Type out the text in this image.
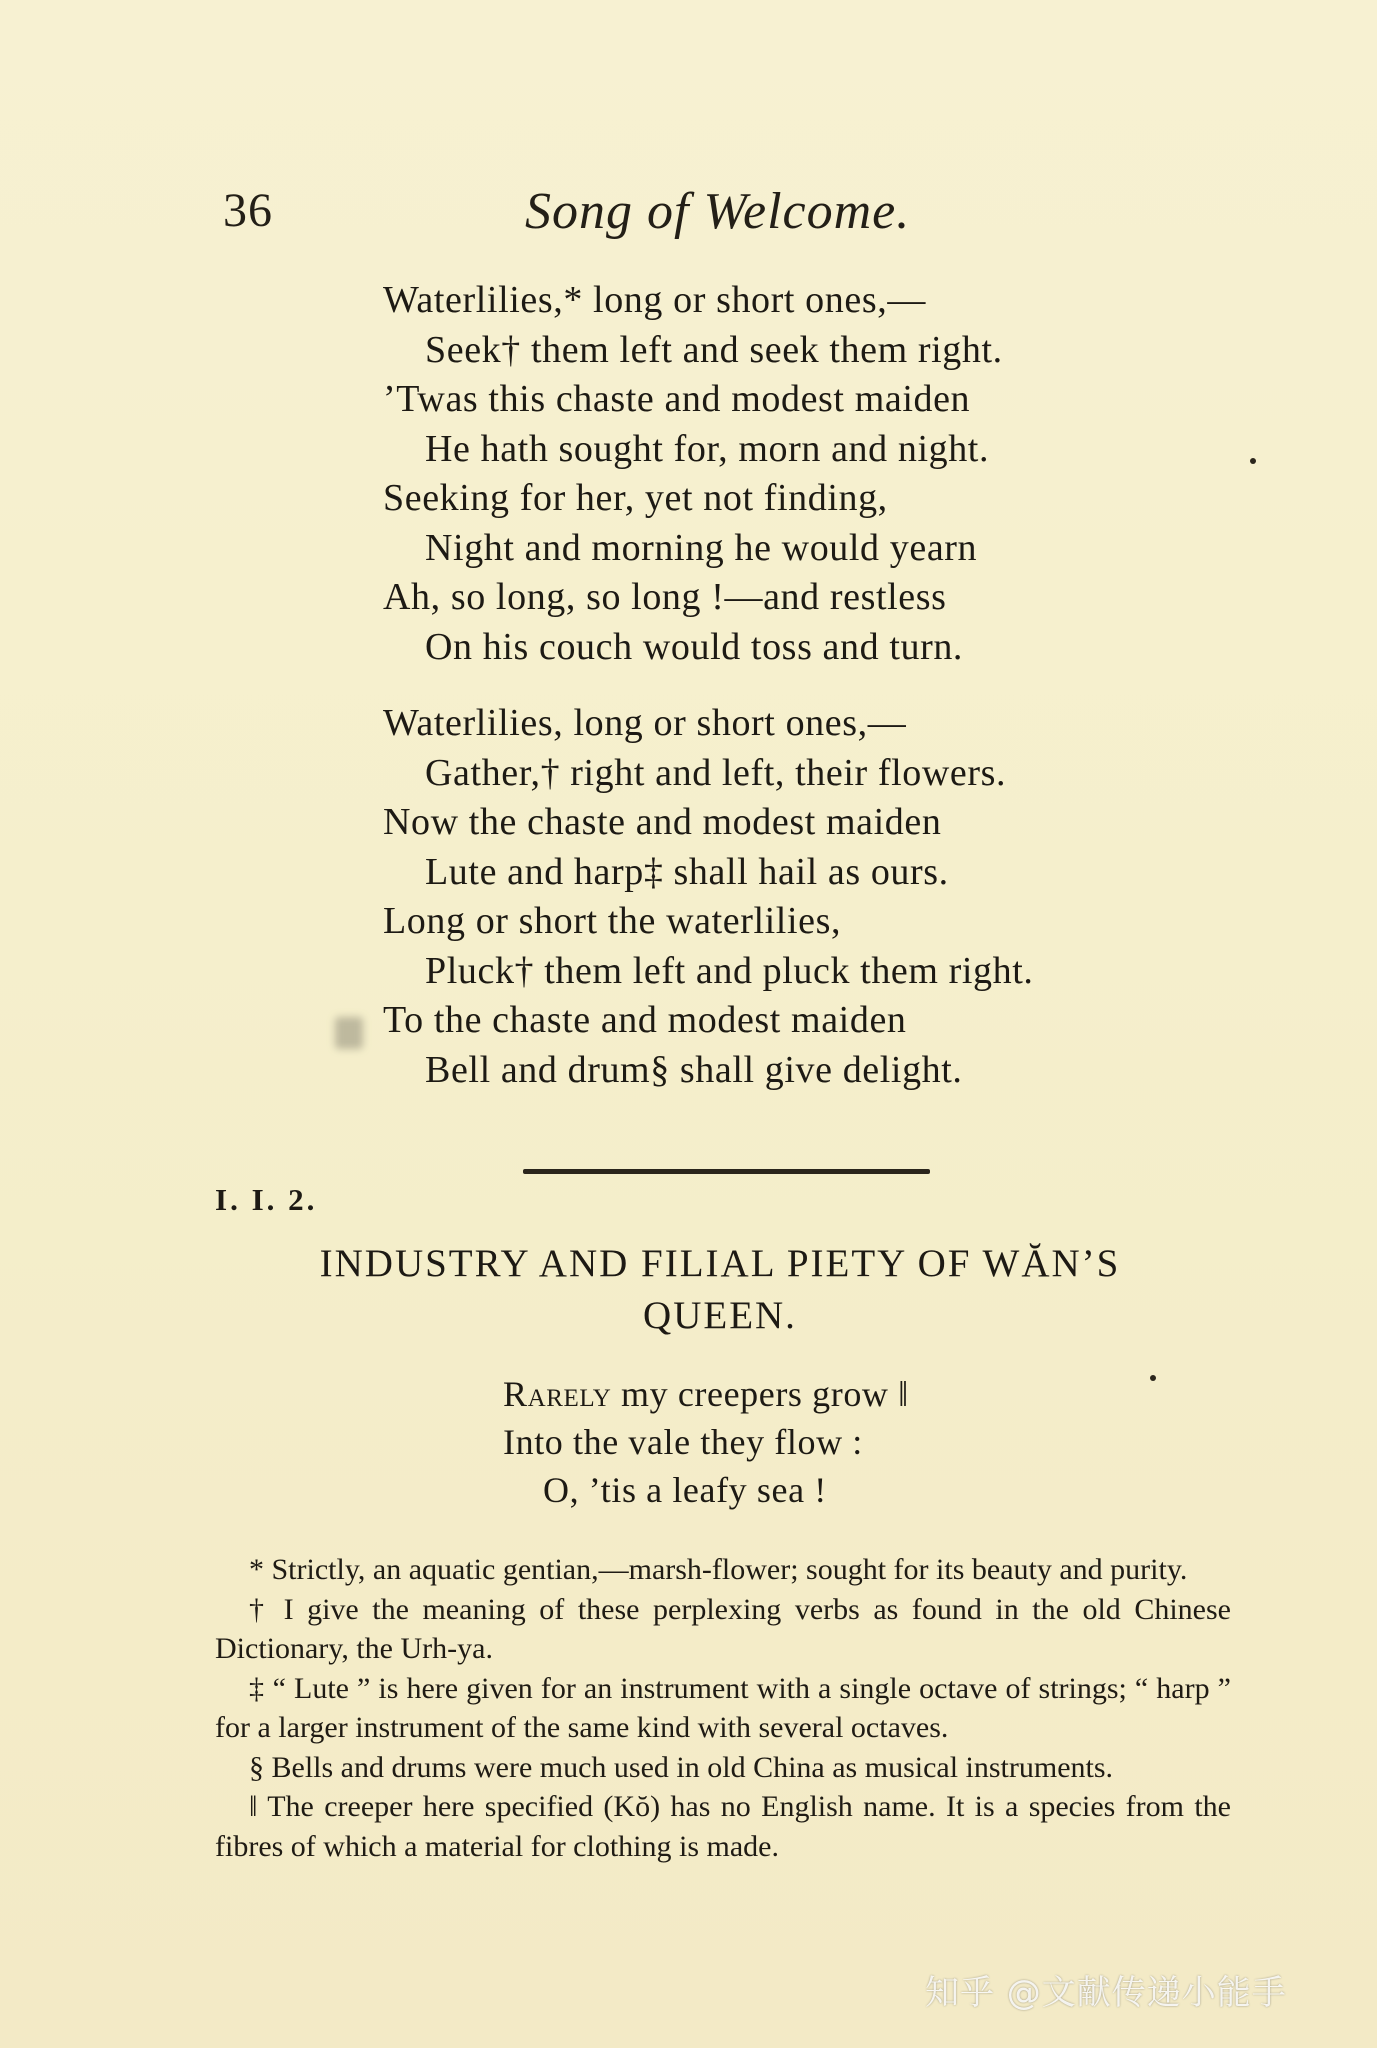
36	Song of Welcome.
Waterlilies,* long or short ones,—
Seek† them left and seek them right.
’Twas this chaste and modest maiden
He hath sought for, morn and night.
Seeking for her, yet not finding,
Night and morning he would yearn
Ah, so long, so long !—and restless
On his couch would toss and turn.
Waterlilies, long or short ones,—
Gather,† right and left, their flowers.
Now the chaste and modest maiden
Lute and harp‡ shall hail as ours.
Long or short the waterlilies,
Pluck† them left and pluck them right.
To the chaste and modest maiden
Bell and drum§ shall give delight.
I. I. 2.
INDUSTRY AND FILIAL PIETY OF WĂN’S
QUEEN.
Rarely my creepers grow ‖
Into the vale they flow :
O, ’tis a leafy sea !

* Strictly, an aquatic gentian,—marsh-flower; sought for its beauty and purity.

† I give the meaning of these perplexing verbs as found in the old Chinese Dictionary, the Urh-ya.

‡ “ Lute ” is here given for an instrument with a single octave of strings; “ harp ” for a larger instrument of the same kind with several octaves.

§ Bells and drums were much used in old China as musical instruments.

‖ The creeper here specified (Kŏ) has no English name. It is a species from the fibres of which a material for clothing is made.

知乎 @文献传递小能手
